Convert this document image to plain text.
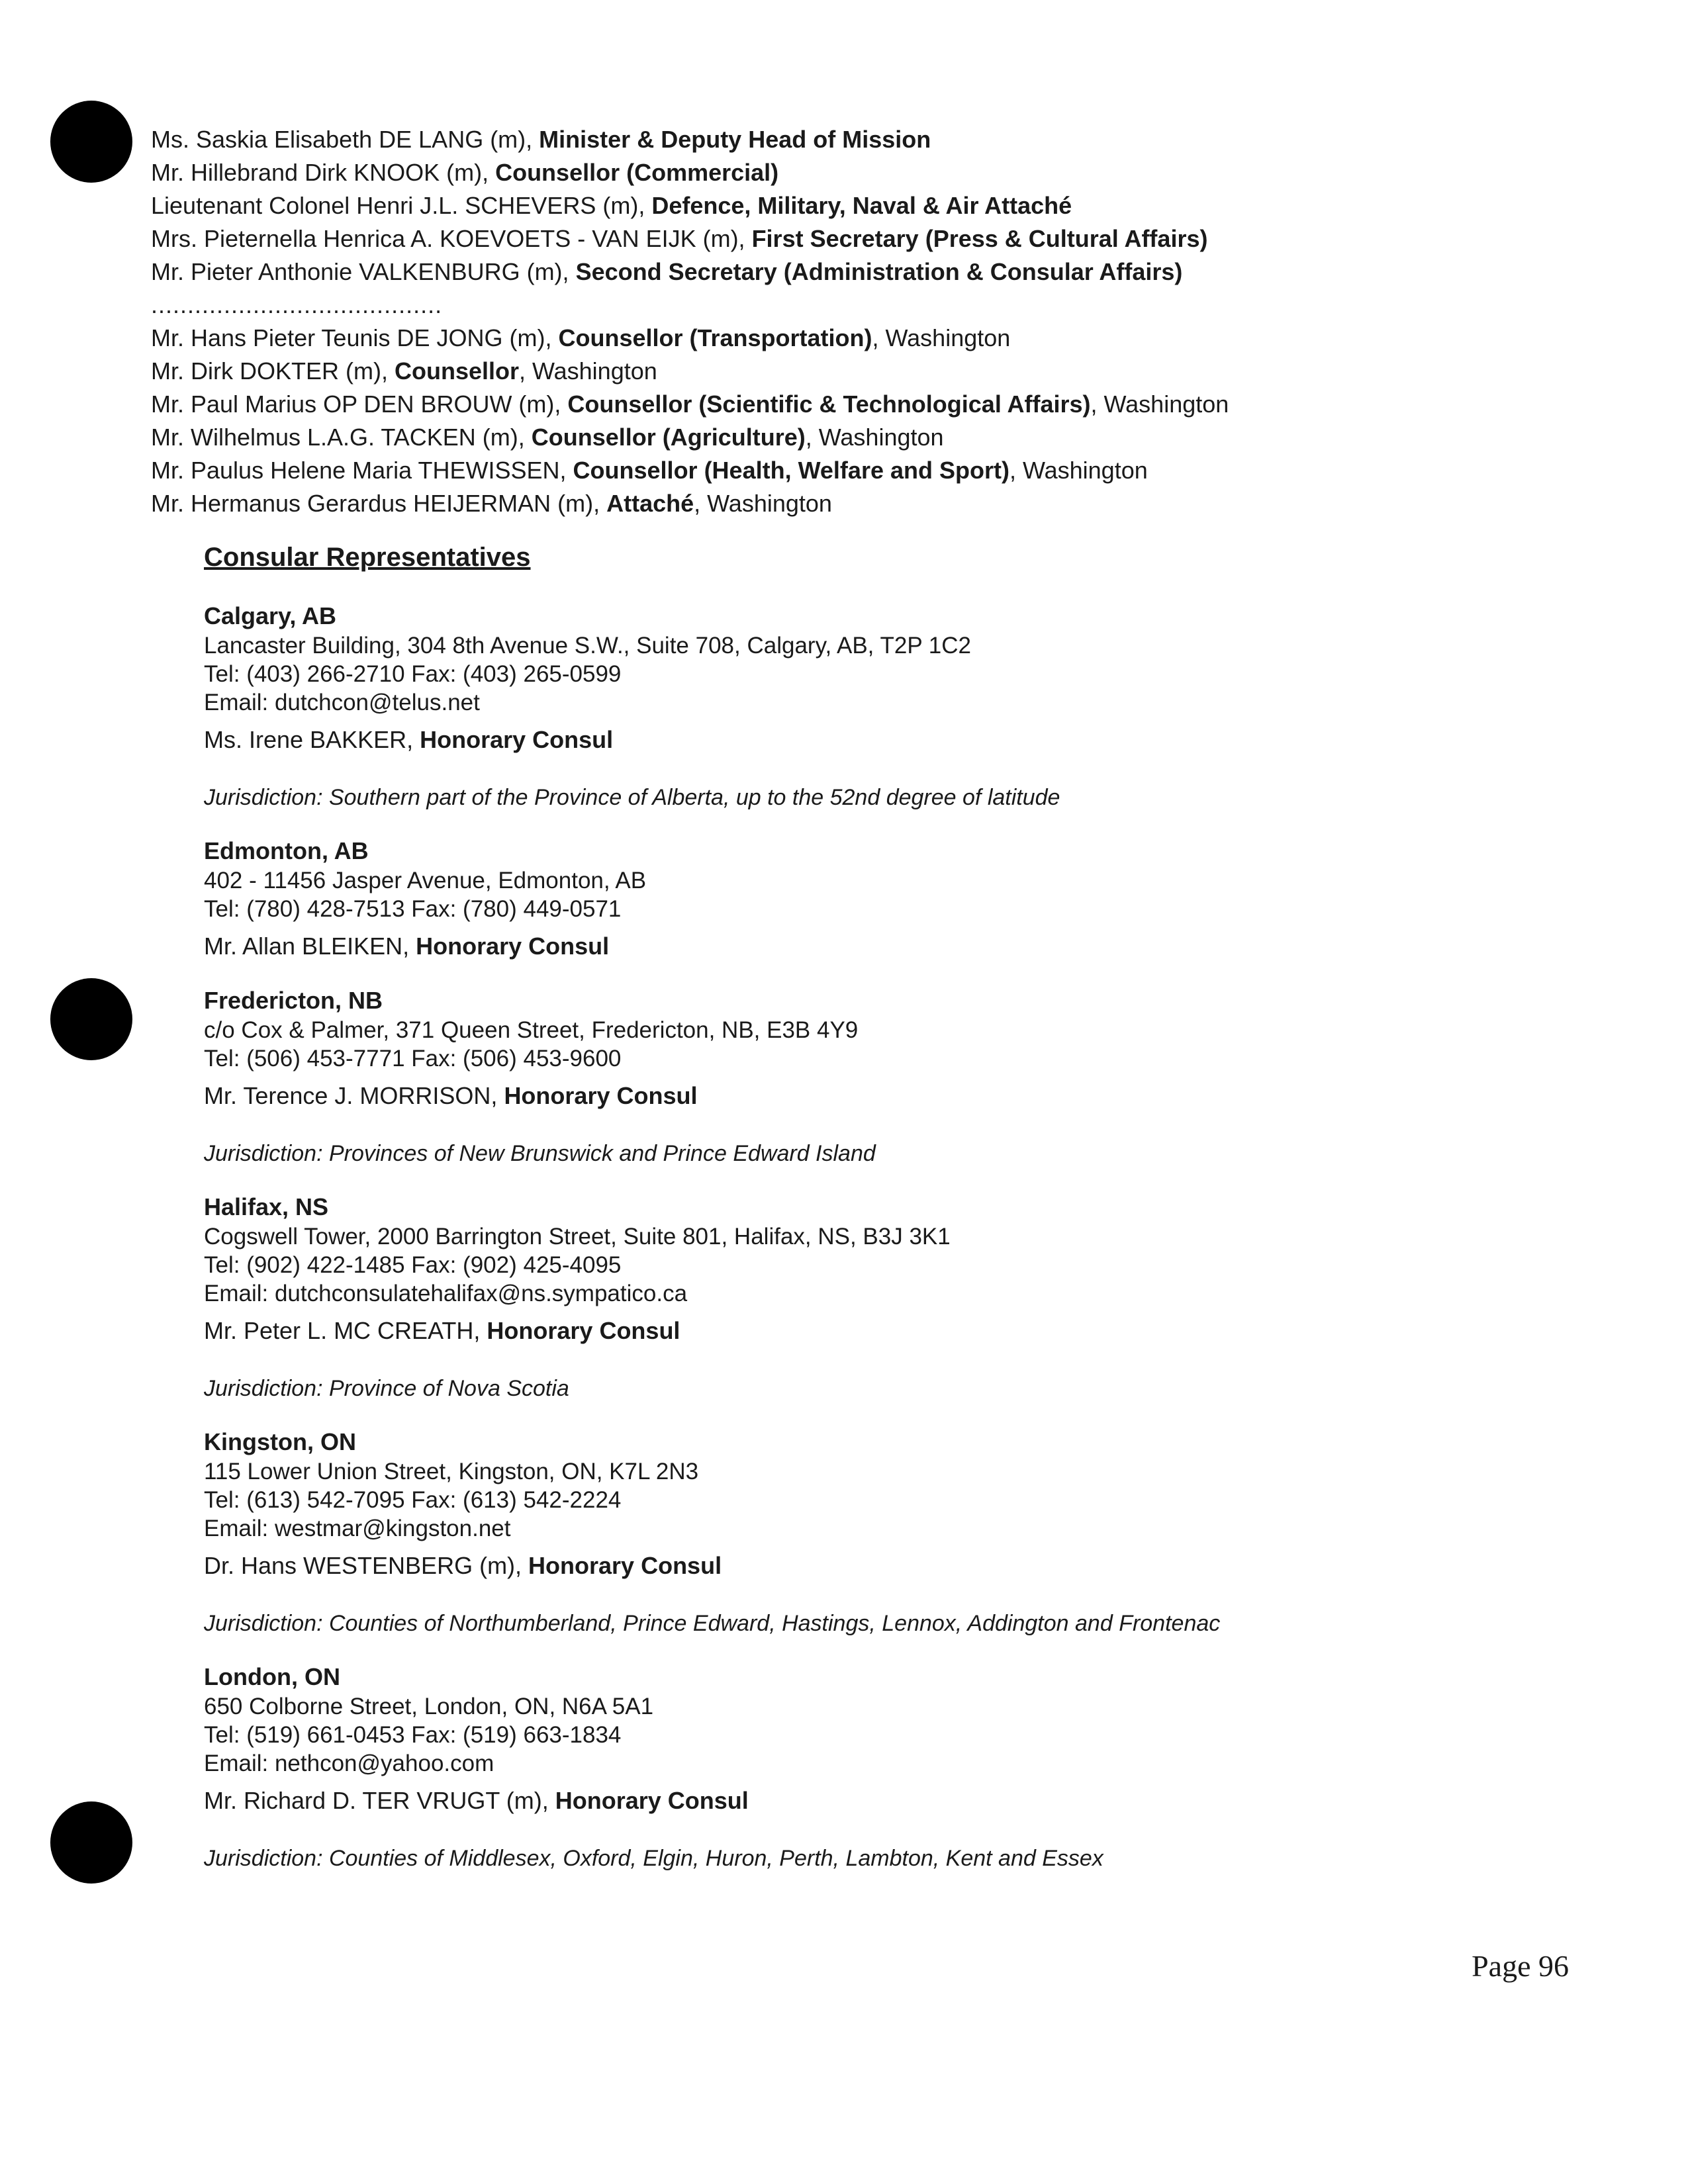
Ms. Saskia Elisabeth DE LANG (m), Minister & Deputy Head of Mission
Mr. Hillebrand Dirk KNOOK (m), Counsellor (Commercial)
Lieutenant Colonel Henri J.L. SCHEVERS (m), Defence, Military, Naval & Air Attaché
Mrs. Pieternella Henrica A. KOEVOETS - VAN EIJK (m), First Secretary (Press & Cultural Affairs)
Mr. Pieter Anthonie VALKENBURG (m), Second Secretary (Administration & Consular Affairs)
........................................
Mr. Hans Pieter Teunis DE JONG (m), Counsellor (Transportation), Washington
Mr. Dirk DOKTER (m), Counsellor, Washington
Mr. Paul Marius OP DEN BROUW (m), Counsellor (Scientific & Technological Affairs), Washington
Mr. Wilhelmus L.A.G. TACKEN (m), Counsellor (Agriculture), Washington
Mr. Paulus Helene Maria THEWISSEN, Counsellor (Health, Welfare and Sport), Washington
Mr. Hermanus Gerardus HEIJERMAN (m), Attaché, Washington
Consular Representatives
Calgary, AB
Lancaster Building, 304 8th Avenue S.W., Suite 708, Calgary, AB, T2P 1C2
Tel: (403) 266-2710 Fax: (403) 265-0599
Email: dutchcon@telus.net
Ms. Irene BAKKER, Honorary Consul
Jurisdiction: Southern part of the Province of Alberta, up to the 52nd degree of latitude
Edmonton, AB
402 - 11456 Jasper Avenue, Edmonton, AB
Tel: (780) 428-7513 Fax: (780) 449-0571
Mr. Allan BLEIKEN, Honorary Consul
Fredericton, NB
c/o Cox & Palmer, 371 Queen Street, Fredericton, NB, E3B 4Y9
Tel: (506) 453-7771 Fax: (506) 453-9600
Mr. Terence J. MORRISON, Honorary Consul
Jurisdiction: Provinces of New Brunswick and Prince Edward Island
Halifax, NS
Cogswell Tower, 2000 Barrington Street, Suite 801, Halifax, NS, B3J 3K1
Tel: (902) 422-1485 Fax: (902) 425-4095
Email: dutchconsulatehalifax@ns.sympatico.ca
Mr. Peter L. MC CREATH, Honorary Consul
Jurisdiction: Province of Nova Scotia
Kingston, ON
115 Lower Union Street, Kingston, ON, K7L 2N3
Tel: (613) 542-7095 Fax: (613) 542-2224
Email: westmar@kingston.net
Dr. Hans WESTENBERG (m), Honorary Consul
Jurisdiction: Counties of Northumberland, Prince Edward, Hastings, Lennox, Addington and Frontenac
London, ON
650 Colborne Street, London, ON, N6A 5A1
Tel: (519) 661-0453 Fax: (519) 663-1834
Email: nethcon@yahoo.com
Mr. Richard D. TER VRUGT (m), Honorary Consul
Jurisdiction: Counties of Middlesex, Oxford, Elgin, Huron, Perth, Lambton, Kent and Essex
Page 96
